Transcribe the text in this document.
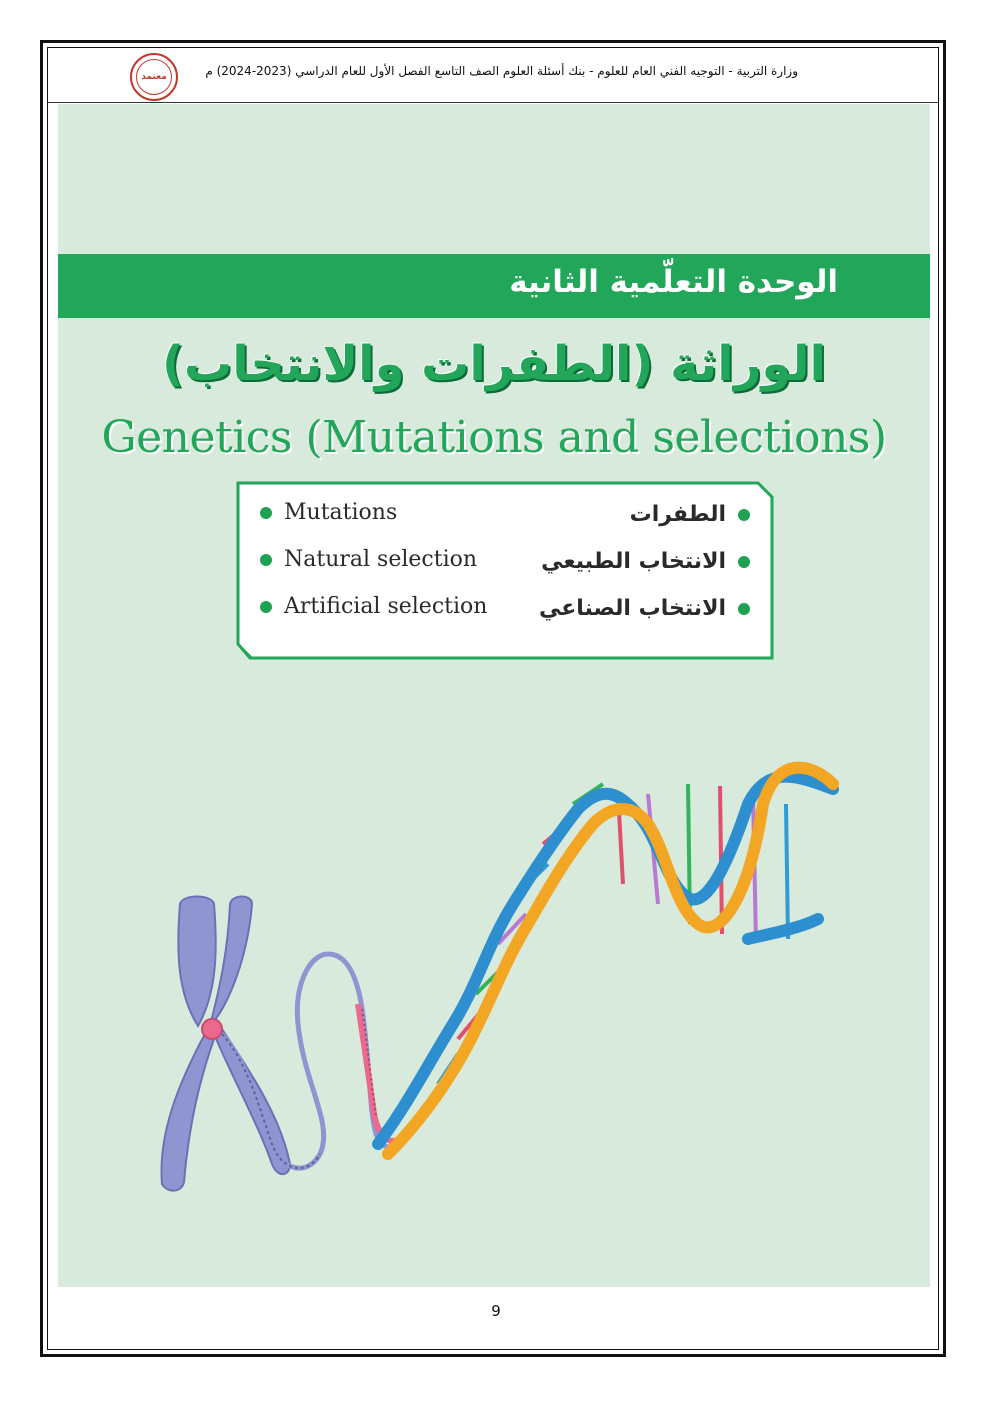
معتمد	وزارة التربية - التوجيه الفني العام للعلوم - بنك أسئلة العلوم الصف التاسع الفصل الأول للعام الدراسي (2023-2024) م
الوحدة التعلّمية الثانية
الوراثة (الطفرات والانتخاب)
Genetics (Mutations and selections)
Mutations
Natural selection
Artificial selection
الطفرات
الانتخاب الطبيعي
الانتخاب الصناعي
9
